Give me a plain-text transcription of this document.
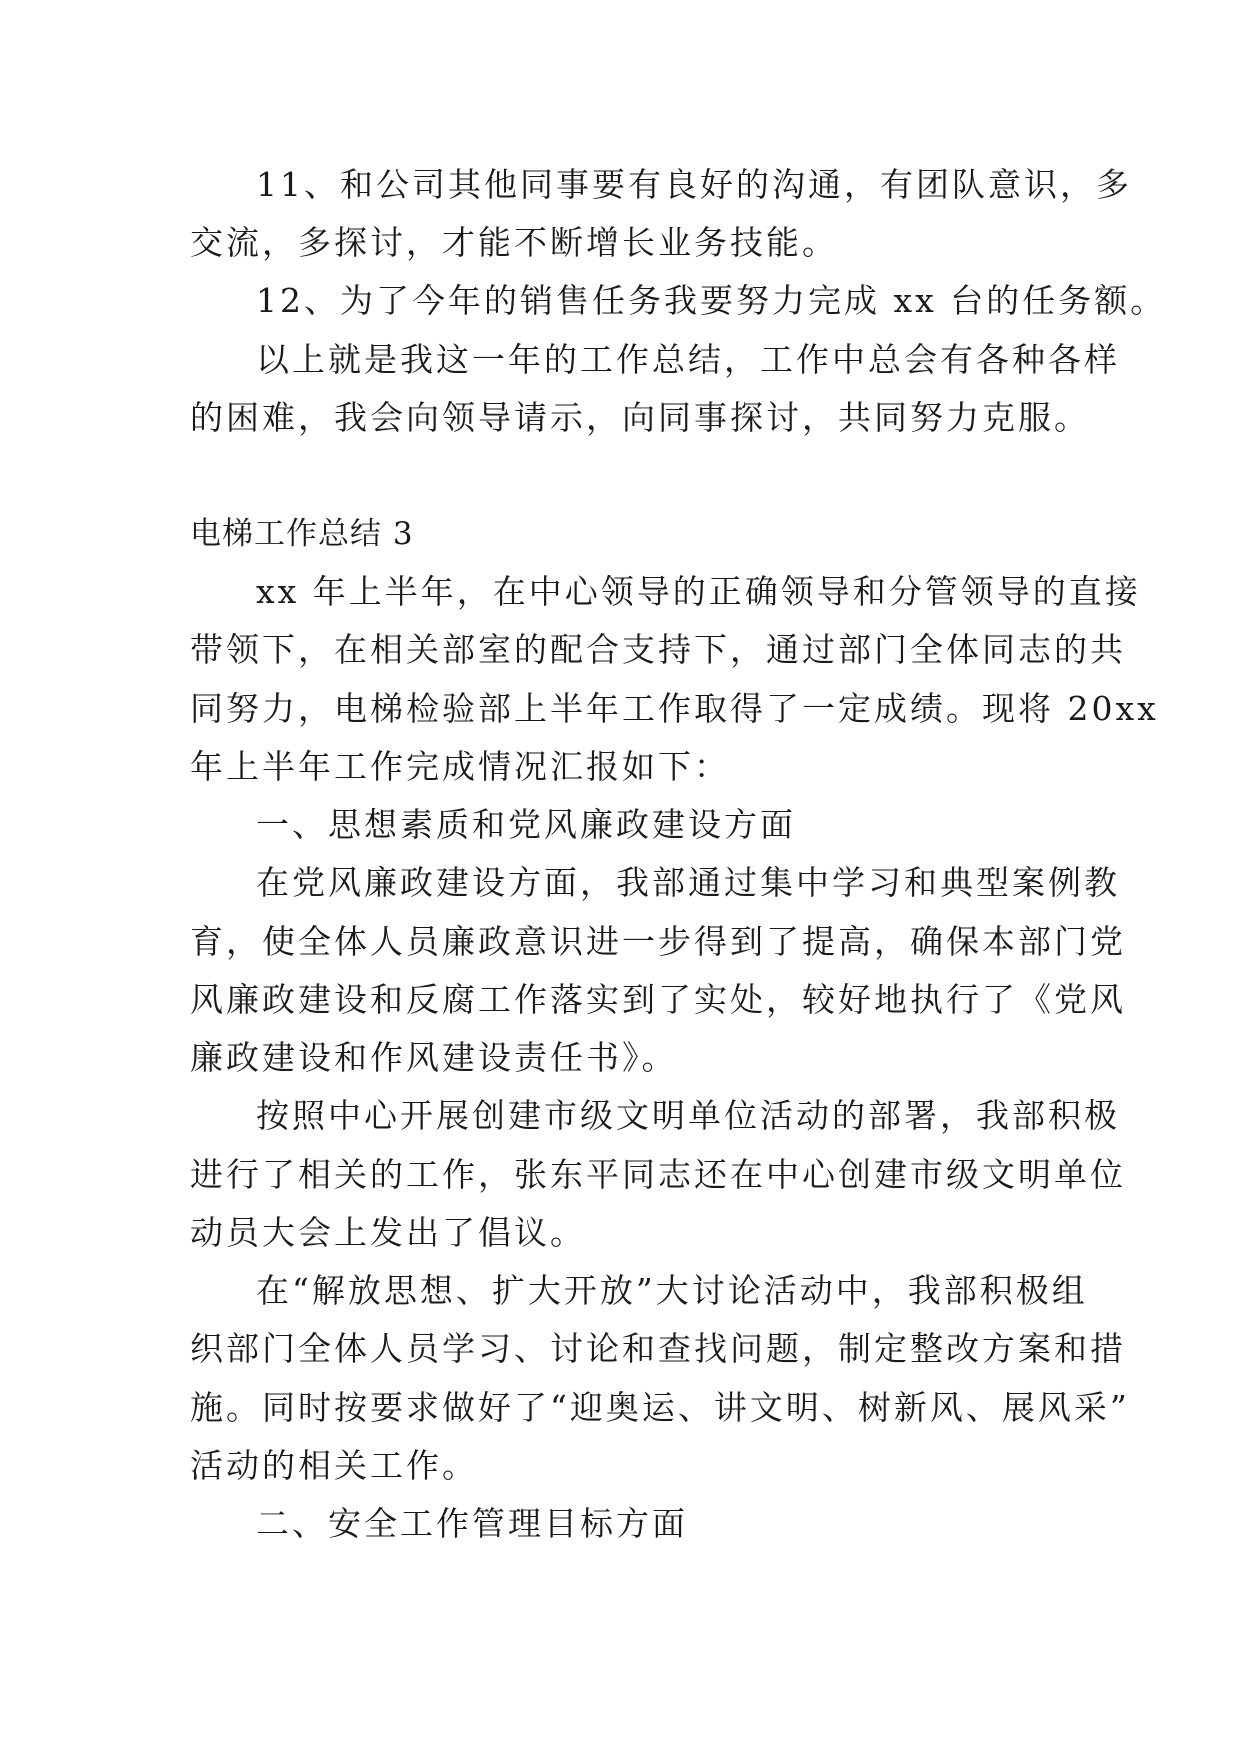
11、和公司其他同事要有良好的沟通，有团队意识，多
交流，多探讨，才能不断增长业务技能。
12、为了今年的销售任务我要努力完成 xx 台的任务额。
以上就是我这一年的工作总结，工作中总会有各种各样
的困难，我会向领导请示，向同事探讨，共同努力克服。
电梯工作总结 3
xx 年上半年，在中心领导的正确领导和分管领导的直接
带领下，在相关部室的配合支持下，通过部门全体同志的共
同努力，电梯检验部上半年工作取得了一定成绩。现将 20xx
年上半年工作完成情况汇报如下：
一、思想素质和党风廉政建设方面
在党风廉政建设方面，我部通过集中学习和典型案例教
育，使全体人员廉政意识进一步得到了提高，确保本部门党
风廉政建设和反腐工作落实到了实处，较好地执行了《党风
廉政建设和作风建设责任书》。
按照中心开展创建市级文明单位活动的部署，我部积极
进行了相关的工作，张东平同志还在中心创建市级文明单位
动员大会上发出了倡议。
在“解放思想、扩大开放”大讨论活动中，我部积极组
织部门全体人员学习、讨论和查找问题，制定整改方案和措
施。同时按要求做好了“迎奥运、讲文明、树新风、展风采”
活动的相关工作。
二、安全工作管理目标方面
